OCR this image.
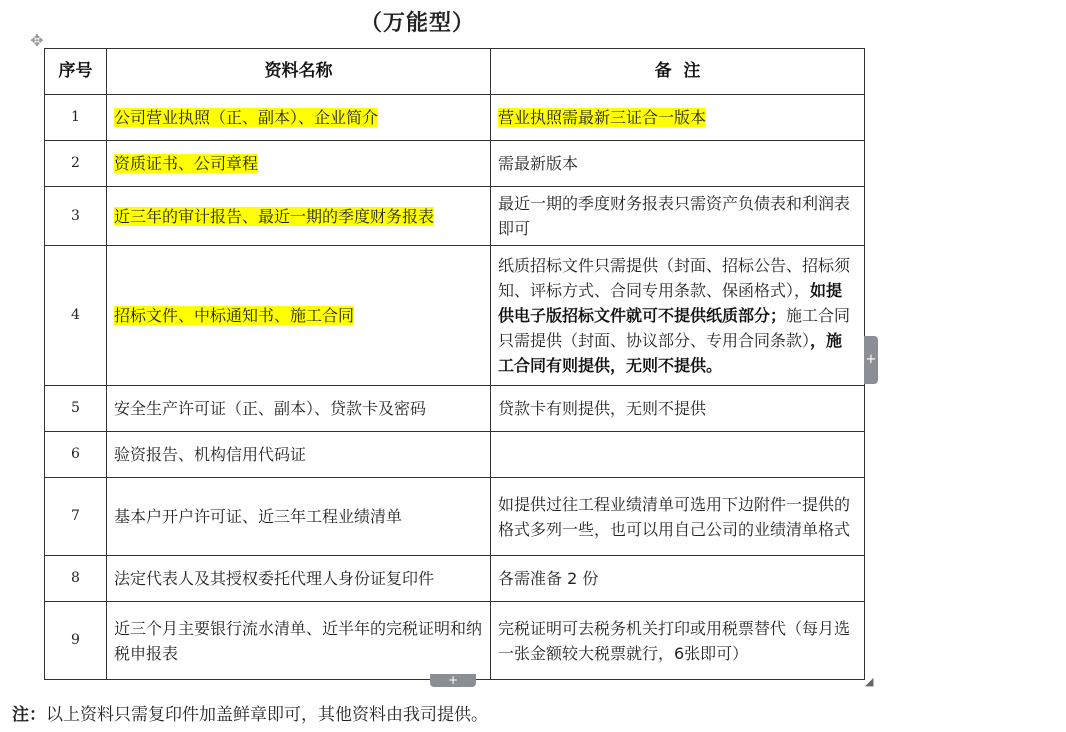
（万能型）
✥
序号	资料名称	备  注
1	公司营业执照（正、副本）、企业简介	营业执照需最新三证合一版本
2	资质证书、公司章程	需最新版本
3	近三年的审计报告、最近一期的季度财务报表	最近一期的季度财务报表只需资产负债表和利润表即可
4	招标文件、中标通知书、施工合同	纸质招标文件只需提供（封面、招标公告、招标须知、评标方式、合同专用条款、保函格式），如提供电子版招标文件就可不提供纸质部分；施工合同只需提供（封面、协议部分、专用合同条款），施工合同有则提供，无则不提供。
5	安全生产许可证（正、副本）、贷款卡及密码	贷款卡有则提供，无则不提供
6	验资报告、机构信用代码证	
7	基本户开户许可证、近三年工程业绩清单	如提供过往工程业绩清单可选用下边附件一提供的格式多列一些，也可以用自己公司的业绩清单格式
8	法定代表人及其授权委托代理人身份证复印件	各需准备 2 份
9	近三个月主要银行流水清单、近半年的完税证明和纳税申报表	完税证明可去税务机关打印或用税票替代（每月选一张金额较大税票就行，6张即可）
+
+	◢
注：以上资料只需复印件加盖鲜章即可，其他资料由我司提供。
